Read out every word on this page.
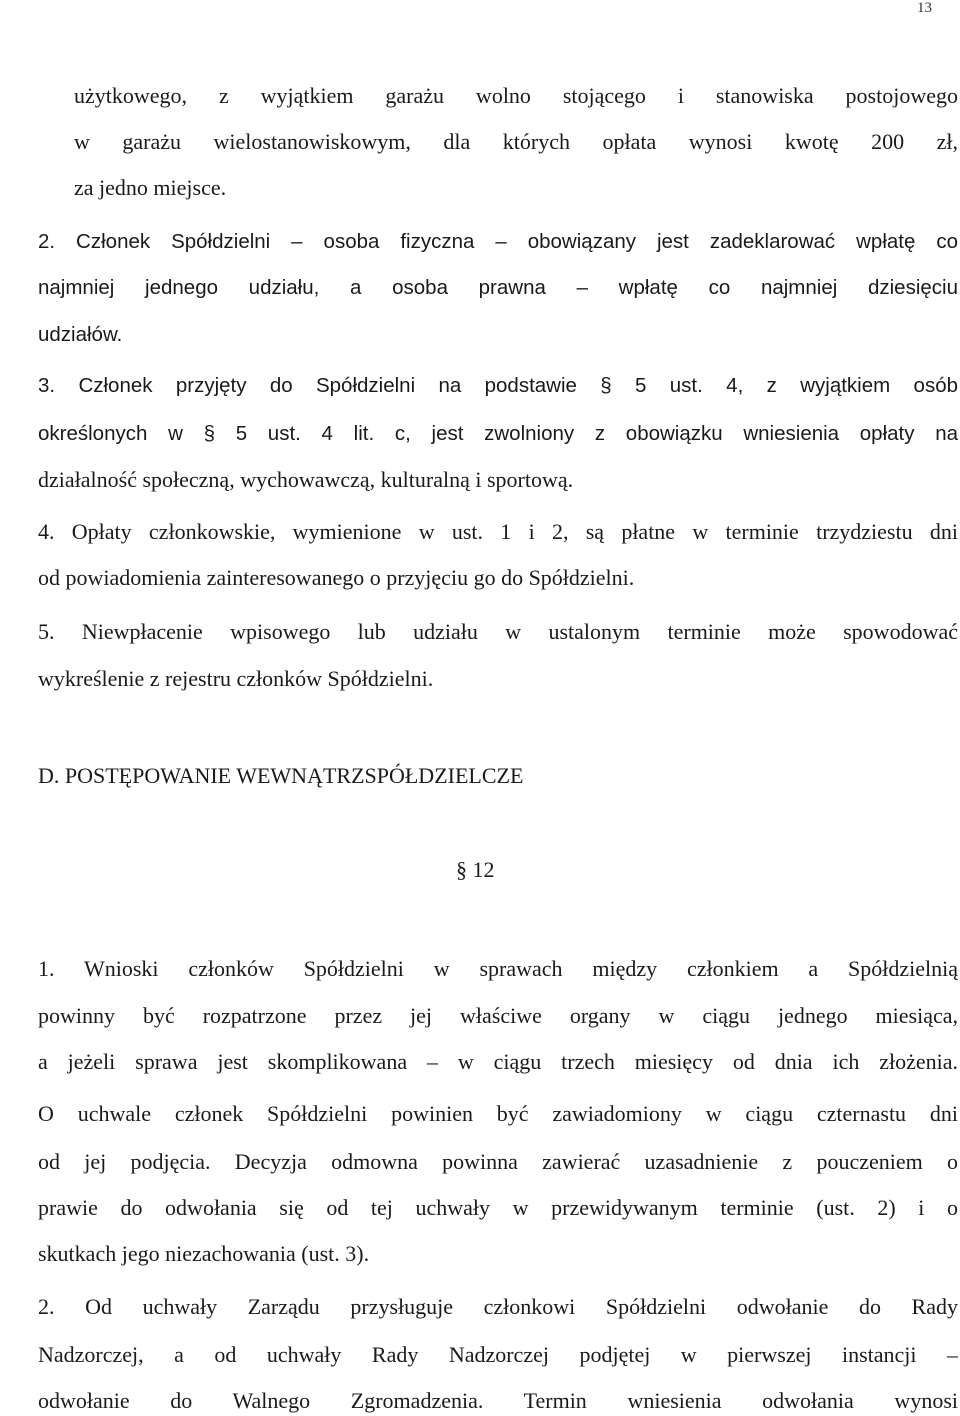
13
użytkowego, z wyjątkiem garażu wolno stojącego i stanowiska postojowego
w garażu wielostanowiskowym, dla których opłata wynosi kwotę 200 zł,
za jedno miejsce.
2. Członek Spółdzielni – osoba fizyczna – obowiązany jest zadeklarować wpłatę co
najmniej jednego udziału, a osoba prawna – wpłatę co najmniej dziesięciu
udziałów.
3. Członek przyjęty do Spółdzielni na podstawie § 5 ust. 4, z wyjątkiem osób
określonych w § 5 ust. 4 lit. c, jest zwolniony z obowiązku wniesienia opłaty na
działalność społeczną, wychowawczą, kulturalną i sportową.
4. Opłaty członkowskie, wymienione w ust. 1 i 2, są płatne w terminie trzydziestu dni
od powiadomienia zainteresowanego o przyjęciu go do Spółdzielni.
5. Niewpłacenie wpisowego lub udziału w ustalonym terminie może spowodować
wykreślenie z rejestru członków Spółdzielni.
D. POSTĘPOWANIE WEWNĄTRZSPÓŁDZIELCZE
§ 12
1. Wnioski członków Spółdzielni w sprawach między członkiem a Spółdzielnią
powinny być rozpatrzone przez jej właściwe organy w ciągu jednego miesiąca,
a jeżeli sprawa jest skomplikowana – w ciągu trzech miesięcy od dnia ich złożenia.
O uchwale członek Spółdzielni powinien być zawiadomiony w ciągu czternastu dni
od jej podjęcia. Decyzja odmowna powinna zawierać uzasadnienie z pouczeniem o
prawie do odwołania się od tej uchwały w przewidywanym terminie (ust. 2) i o
skutkach jego niezachowania (ust. 3).
2. Od uchwały Zarządu przysługuje członkowi Spółdzielni odwołanie do Rady
Nadzorczej, a od uchwały Rady Nadzorczej podjętej w pierwszej instancji –
odwołanie do Walnego Zgromadzenia. Termin wniesienia odwołania wynosi
